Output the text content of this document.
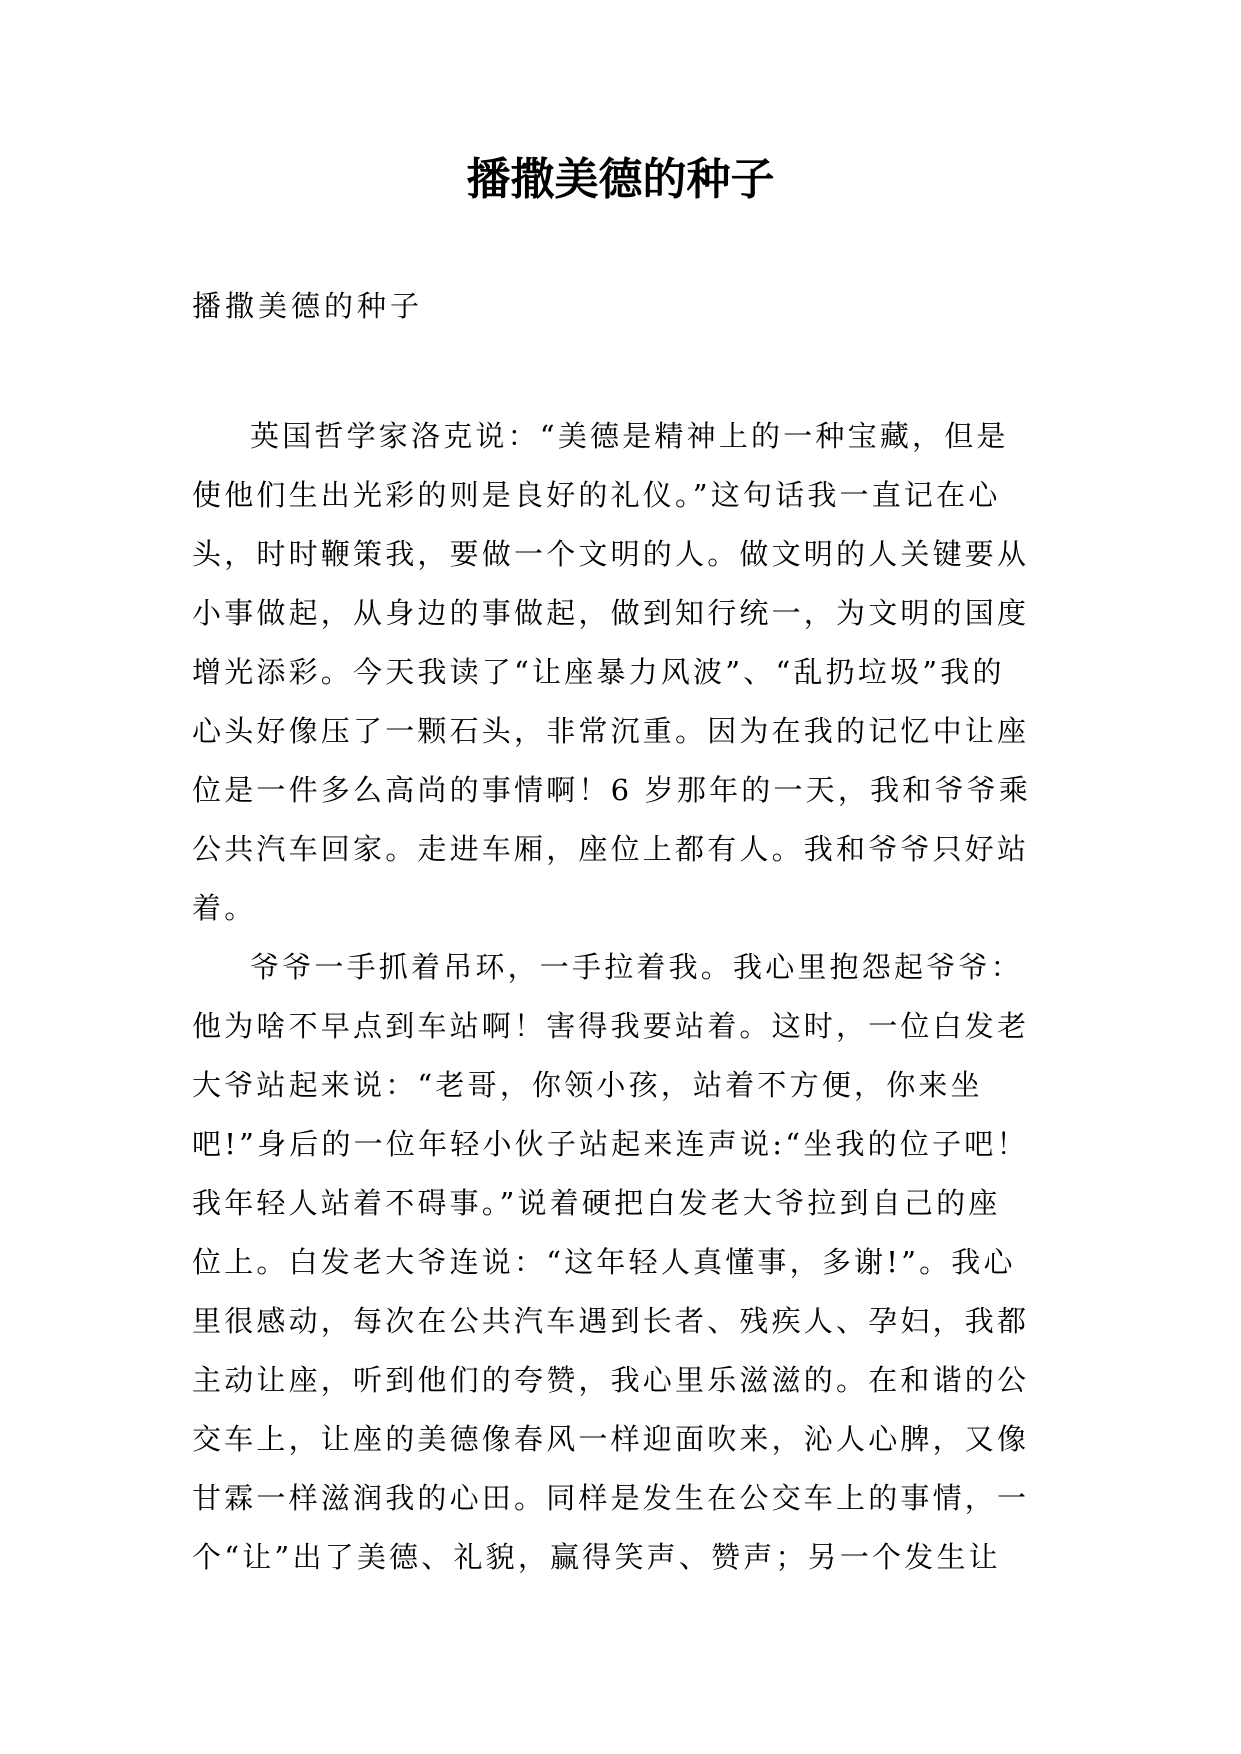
播撒美德的种子

播撒美德的种子

英国哲学家洛克说：“美德是精神上的一种宝藏，但是
使他们生出光彩的则是良好的礼仪。”这句话我一直记在心
头，时时鞭策我，要做一个文明的人。做文明的人关键要从
小事做起，从身边的事做起，做到知行统一，为文明的国度
增光添彩。今天我读了“让座暴力风波”、“乱扔垃圾”我的
心头好像压了一颗石头，非常沉重。因为在我的记忆中让座
位是一件多么高尚的事情啊！6 岁那年的一天，我和爷爷乘
公共汽车回家。走进车厢，座位上都有人。我和爷爷只好站
着。

爷爷一手抓着吊环，一手拉着我。我心里抱怨起爷爷：
他为啥不早点到车站啊！害得我要站着。这时，一位白发老
大爷站起来说：“老哥，你领小孩，站着不方便，你来坐
吧!”身后的一位年轻小伙子站起来连声说:“坐我的位子吧！
我年轻人站着不碍事。”说着硬把白发老大爷拉到自己的座
位上。白发老大爷连说：“这年轻人真懂事，多谢!”。我心
里很感动，每次在公共汽车遇到长者、残疾人、孕妇，我都
主动让座，听到他们的夸赞，我心里乐滋滋的。在和谐的公
交车上，让座的美德像春风一样迎面吹来，沁人心脾，又像
甘霖一样滋润我的心田。同样是发生在公交车上的事情，一
个“让”出了美德、礼貌，赢得笑声、赞声；另一个发生让
